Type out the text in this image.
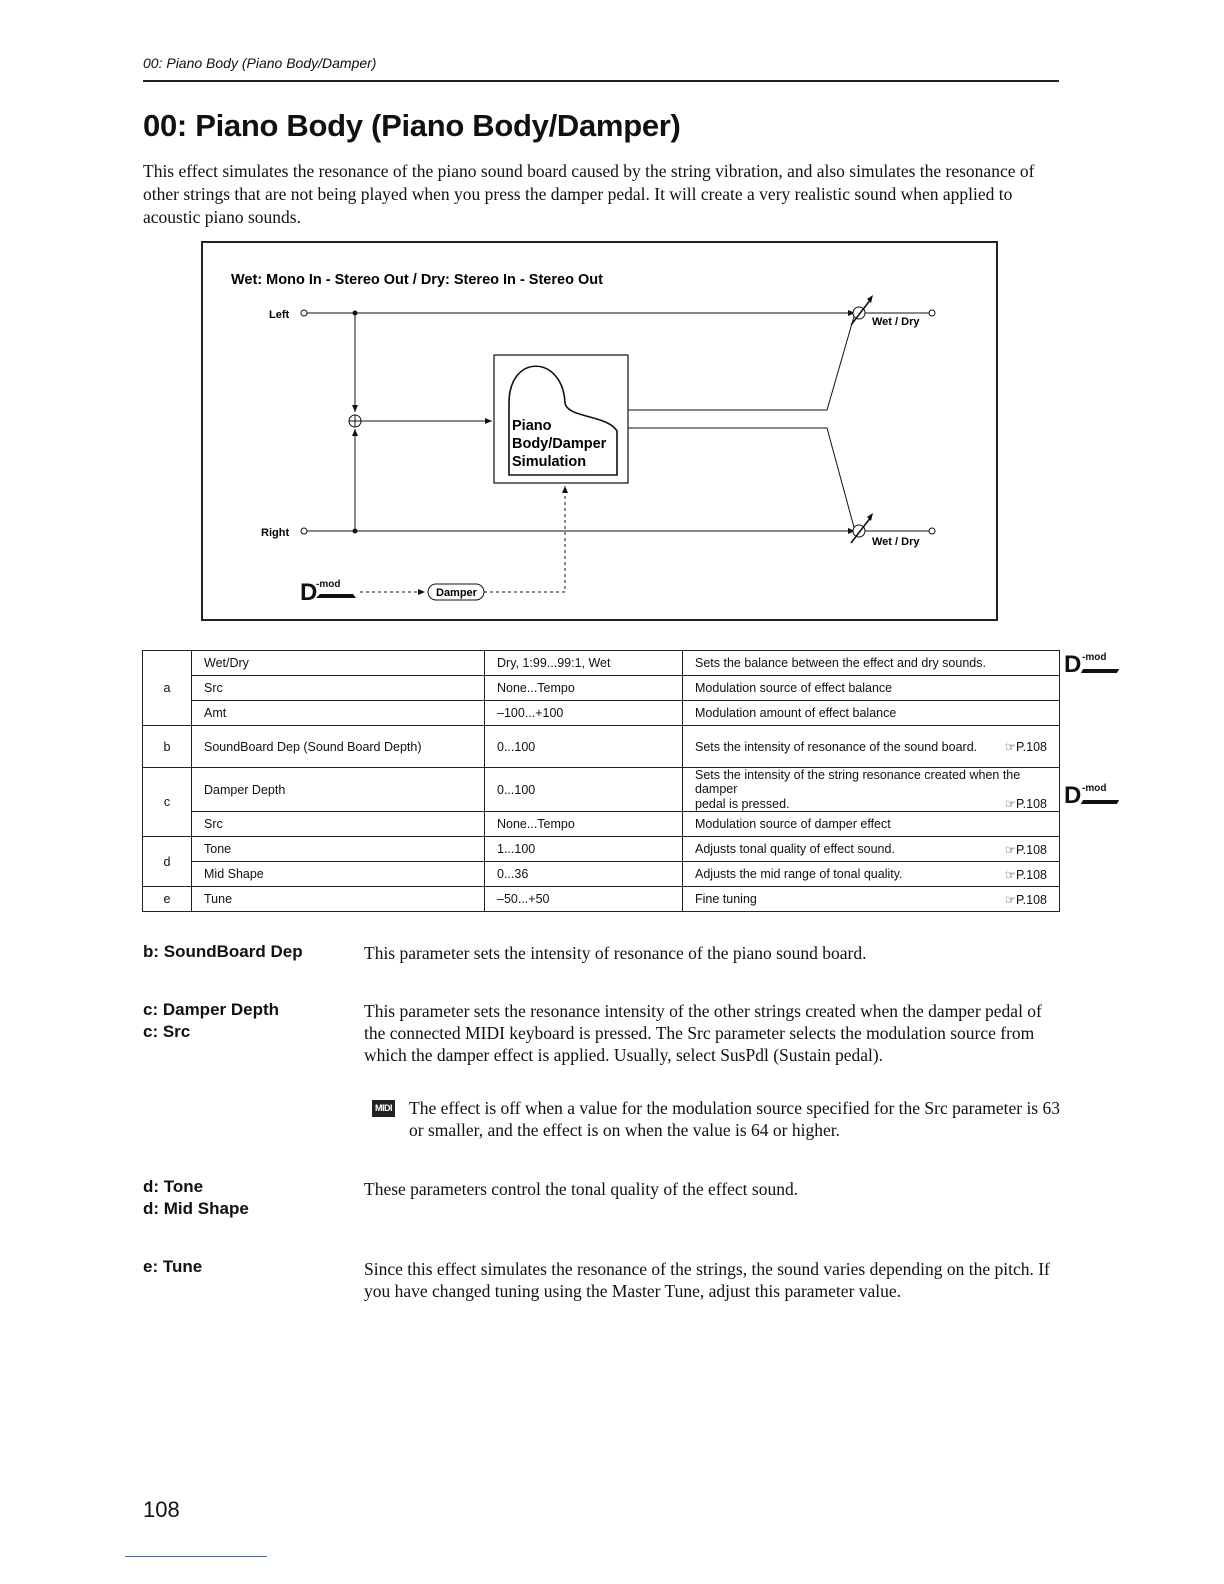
00: Piano Body (Piano Body/Damper)
00: Piano Body (Piano Body/Damper)

This effect simulates the resonance of the piano sound board caused by the string vibration, and also simulates the resonance of other strings that are not being played when you press the damper pedal. It will create a very realistic sound when applied to acoustic piano sounds.

Wet: Mono In - Stereo Out / Dry: Stereo In - Stereo Out
Left
Right
Piano Body/Damper Simulation
Wet / Dry
Wet / Dry
D
-mod
Damper
a	Wet/Dry	Dry, 1:99...99:1, Wet	Sets the balance between the effect and dry sounds.
	Src	None...Tempo	Modulation source of effect balance
	Amt	–100...+100	Modulation amount of effect balance
b	SoundBoard Dep (Sound Board Depth)	0...100	Sets the intensity of resonance of the sound board. ☞P.108

c	Damper Depth	0...100	Sets the intensity of the string resonance created when the damper
pedal is pressed. ☞P.108

	Src	None...Tempo	Modulation source of damper effect
d	Tone	1...100	Adjusts tonal quality of effect sound. ☞P.108

	Mid Shape	0...36	Adjusts the mid range of tonal quality. ☞P.108

e	Tune	–50...+50	Fine tuning ☞P.108
D -mod
D -mod
b: SoundBoard Dep	This parameter sets the intensity of resonance of the piano sound board.

c: Damper Depth
c: Src

This parameter sets the resonance intensity of the other strings created when the damper pedal of the connected MIDI keyboard is pressed. The Src parameter selects the modulation source from which the damper effect is applied. Usually, select SusPdl (Sustain pedal).

MIDI The effect is off when a value for the modulation source specified for the Src parameter is 63 or smaller, and the effect is on when the value is 64 or higher.
d: Tone
d: Mid Shape

These parameters control the tonal quality of the effect sound.

e: Tune	Since this effect simulates the resonance of the strings, the sound varies depending on the pitch. If you have changed tuning using the Master Tune, adjust this parameter value.

108
